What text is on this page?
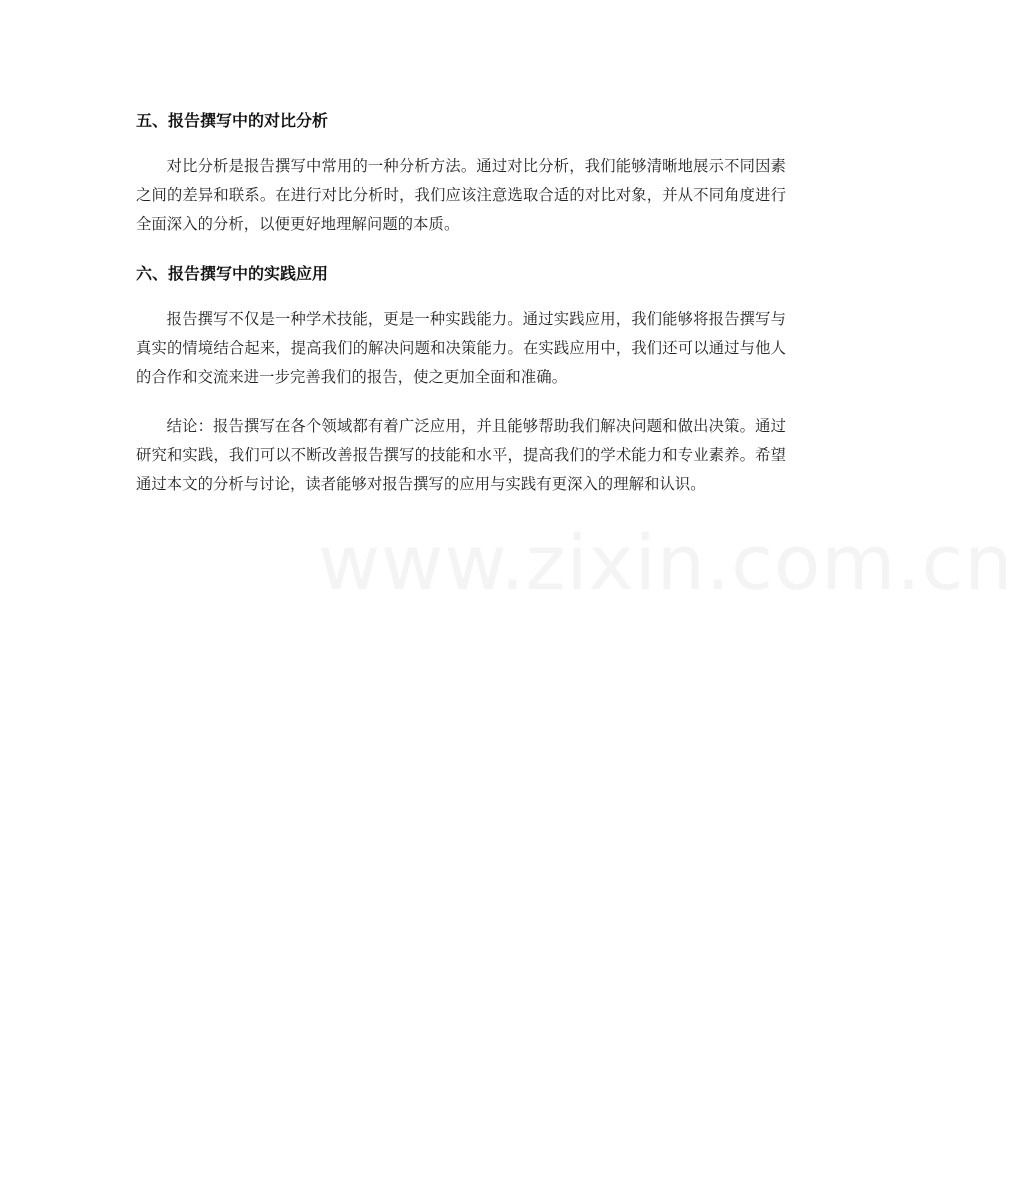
五、报告撰写中的对比分析

对比分析是报告撰写中常用的一种分析方法。通过对比分析，我们能够清晰地展示不同因素之间的差异和联系。在进行对比分析时，我们应该注意选取合适的对比对象，并从不同角度进行全面深入的分析，以便更好地理解问题的本质。

六、报告撰写中的实践应用

报告撰写不仅是一种学术技能，更是一种实践能力。通过实践应用，我们能够将报告撰写与真实的情境结合起来，提高我们的解决问题和决策能力。在实践应用中，我们还可以通过与他人的合作和交流来进一步完善我们的报告，使之更加全面和准确。

结论：报告撰写在各个领域都有着广泛应用，并且能够帮助我们解决问题和做出决策。通过研究和实践，我们可以不断改善报告撰写的技能和水平，提高我们的学术能力和专业素养。希望通过本文的分析与讨论，读者能够对报告撰写的应用与实践有更深入的理解和认识。

www.zixin.com.cn
